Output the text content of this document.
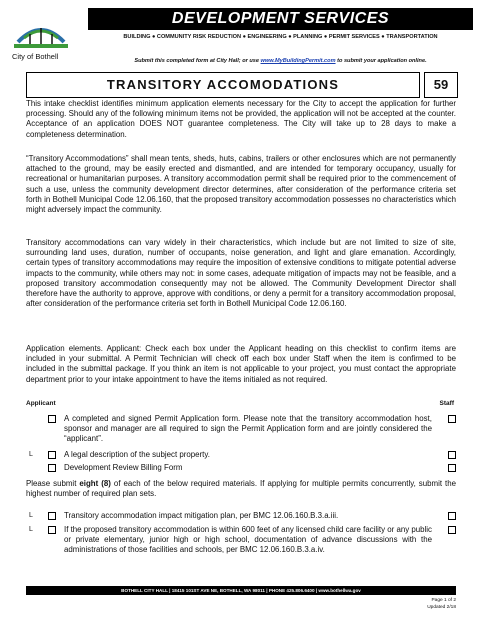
City of Bothell
DEVELOPMENT SERVICES
BUILDING ● COMMUNITY RISK REDUCTION ● ENGINEERING ● PLANNING ● PERMIT SERVICES ● TRANSPORTATION
Submit this completed form at City Hall; or use www.MyBuildingPermit.com to submit your application online.
TRANSITORY ACCOMODATIONS	59
This intake checklist identifies minimum application elements necessary for the City to accept the application for further processing. Should any of the following minimum items not be provided, the application will not be accepted at the counter. Acceptance of an application DOES NOT guarantee completeness. The City will take up to 28 days to make a completeness determination.
“Transitory Accommodations” shall mean tents, sheds, huts, cabins, trailers or other enclosures which are not permanently attached to the ground, may be easily erected and dismantled, and are intended for temporary occupancy, usually for recreational or humanitarian purposes. A transitory accommodation permit shall be required prior to the commencement of such a use, unless the community development director determines, after consideration of the performance criteria set forth in Bothell Municipal Code 12.06.160, that the proposed transitory accommodation possesses no characteristics which might adversely impact the community.
Transitory accommodations can vary widely in their characteristics, which include but are not limited to size of site, surrounding land uses, duration, number of occupants, noise generation, and light and glare emanation. Accordingly, certain types of transitory accommodations may require the imposition of extensive conditions to mitigate potential adverse impacts to the community, while others may not: in some cases, adequate mitigation of impacts may not be feasible, and a proposed transitory accommodation consequently may not be allowed. The Community Development Director shall therefore have the authority to approve, approve with conditions, or deny a permit for a transitory accommodation proposal, after consideration of the performance criteria set forth in Bothell Municipal Code 12.06.160.
Application elements. Applicant: Check each box under the Applicant heading on this checklist to confirm items are included in your submittal. A Permit Technician will check off each box under Staff when the item is confirmed to be included in the submittal package. If you think an item is not applicable to your project, you must contact the appropriate department prior to your intake appointment to have the items initialed as not required.
Applicant	Staff
A completed and signed Permit Application form. Please note that the transitory accommodation host, sponsor and manager are all required to sign the Permit Application form and are jointly considered the “applicant”.
L	A legal description of the subject property.
Development Review Billing Form
Please submit eight (8) of each of the below required materials. If applying for multiple permits concurrently, submit the highest number of required plan sets.
L	Transitory accommodation impact mitigation plan, per BMC 12.06.160.B.3.a.iii.
L	If the proposed transitory accommodation is within 600 feet of any licensed child care facility or any public or private elementary, junior high or high school, documentation of advance discussions with the administrations of those facilities and schools, per BMC 12.06.160.B.3.a.iv.
BOTHELL CITY HALL | 18415 101ST AVE NE, BOTHELL, WA 98011 | PHONE 425.806.6400 | www.bothellwa.gov
Page 1 of 2
Updated 2/18
